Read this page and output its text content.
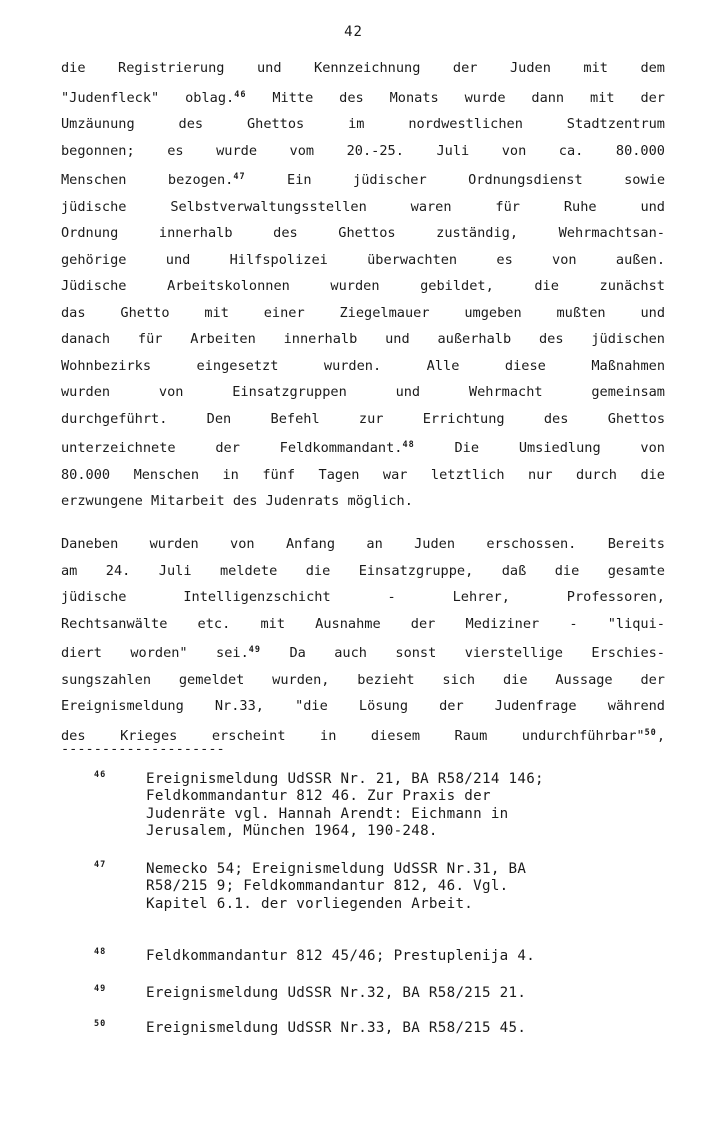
42
die Registrierung und Kennzeichnung der Juden mit dem
"Judenfleck" oblag.$^{46}$ Mitte des Monats wurde dann mit der
Umzäunung des Ghettos im nordwestlichen Stadtzentrum
begonnen; es wurde vom 20.-25. Juli von ca. 80.000
Menschen bezogen.$^{47}$	Ein jüdischer Ordnungsdienst sowie
jüdische Selbstverwaltungsstellen waren für Ruhe und
Ordnung innerhalb des Ghettos zuständig, Wehrmachtsan-
gehörige und Hilfspolizei überwachten es von außen.
Jüdische Arbeitskolonnen wurden gebildet, die zunächst
das Ghetto mit einer Ziegelmauer umgeben mußten und
danach für Arbeiten innerhalb und außerhalb des jüdischen
Wohnbezirks eingesetzt wurden. Alle diese Maßnahmen
wurden von Einsatzgruppen und Wehrmacht gemeinsam
durchgeführt. Den Befehl zur Errichtung des Ghettos
unterzeichnete der Feldkommandant.$^{48}$	Die Umsiedlung von
80.000 Menschen in fünf Tagen war letztlich nur durch die
erzwungene Mitarbeit des Judenrats möglich.
Daneben wurden von Anfang an Juden erschossen. Bereits
am 24. Juli meldete die Einsatzgruppe, daß die gesamte
jüdische Intelligenzschicht - Lehrer, Professoren,
Rechtsanwälte etc. mit Ausnahme der Mediziner - "liqui-
diert worden" sei.$^{49}$ Da auch sonst vierstellige Erschies-
sungszahlen gemeldet wurden, bezieht sich die Aussage der
Ereignismeldung Nr.33, "die Lösung der Judenfrage während
des Krieges erscheint in diesem Raum undurchführbar"$^{50}$,
--------------------
46	Ereignismeldung UdSSR Nr. 21, BA R58/214 146;
Feldkommandantur 812 46. Zur Praxis der
Judenräte vgl. Hannah Arendt: Eichmann in
Jerusalem, München 1964, 190-248.
47	Nemecko 54; Ereignismeldung UdSSR Nr.31, BA
R58/215 9; Feldkommandantur 812, 46. Vgl.
Kapitel 6.1. der vorliegenden Arbeit.
48	Feldkommandantur 812 45/46; Prestuplenija 4.
49	Ereignismeldung UdSSR Nr.32, BA R58/215 21.
50	Ereignismeldung UdSSR Nr.33, BA R58/215 45.
